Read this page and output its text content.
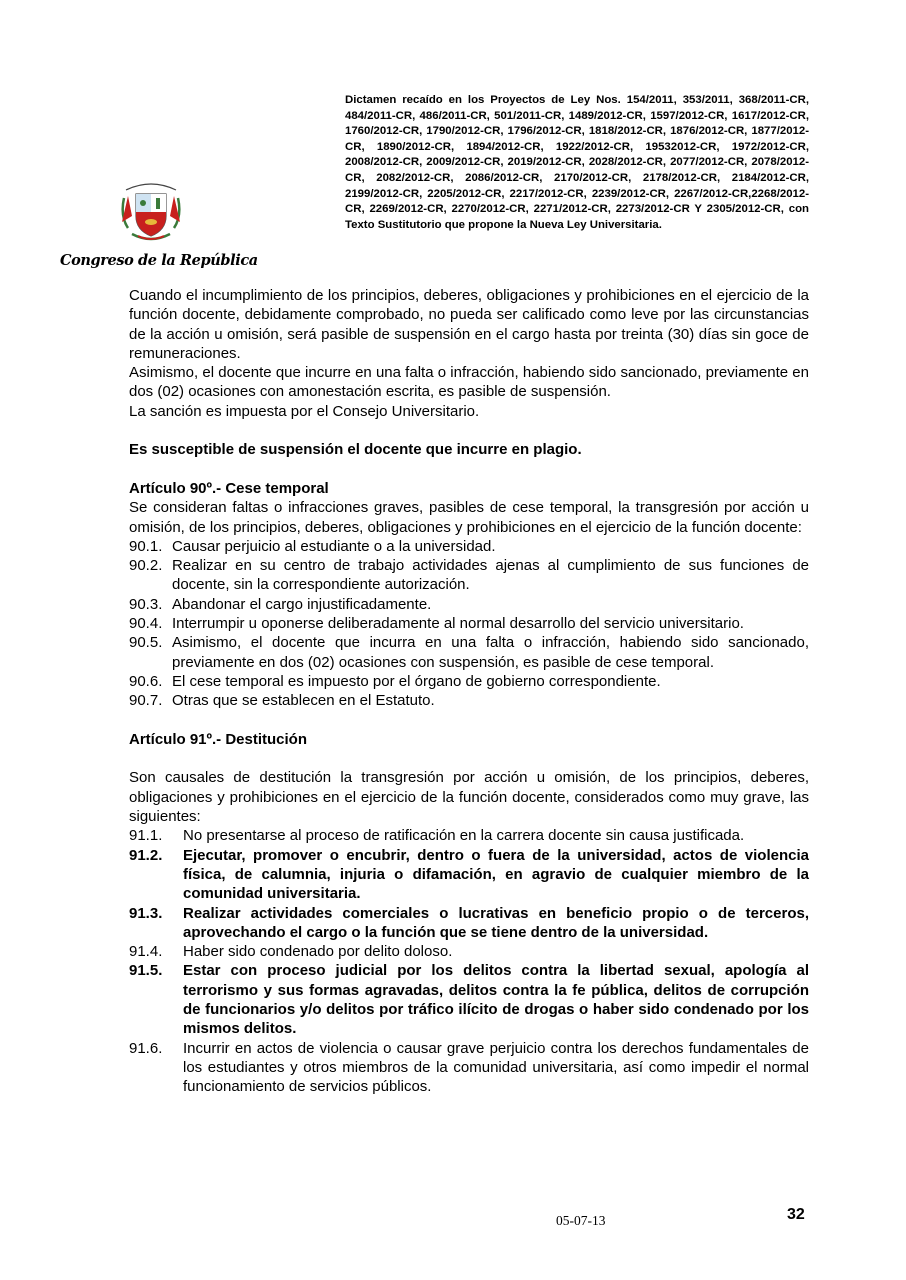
Congreso de la República
Dictamen recaído en los Proyectos de Ley Nos. 154/2011, 353/2011, 368/2011-CR, 484/2011-CR, 486/2011-CR, 501/2011-CR, 1489/2012-CR, 1597/2012-CR, 1617/2012-CR, 1760/2012-CR, 1790/2012-CR, 1796/2012-CR, 1818/2012-CR, 1876/2012-CR, 1877/2012-CR, 1890/2012-CR, 1894/2012-CR, 1922/2012-CR, 19532012-CR, 1972/2012-CR, 2008/2012-CR, 2009/2012-CR, 2019/2012-CR, 2028/2012-CR, 2077/2012-CR, 2078/2012-CR, 2082/2012-CR, 2086/2012-CR, 2170/2012-CR, 2178/2012-CR, 2184/2012-CR, 2199/2012-CR, 2205/2012-CR, 2217/2012-CR, 2239/2012-CR, 2267/2012-CR,2268/2012-CR, 2269/2012-CR, 2270/2012-CR, 2271/2012-CR, 2273/2012-CR Y 2305/2012-CR, con Texto Sustitutorio que propone la Nueva Ley Universitaria.

Cuando el incumplimiento de los principios, deberes, obligaciones y prohibiciones en el ejercicio de la función docente, debidamente comprobado, no pueda ser calificado como leve por las circunstancias de la acción u omisión, será pasible de suspensión en el cargo hasta por treinta (30) días sin goce de remuneraciones.

Asimismo, el docente que incurre en una falta o infracción, habiendo sido sancionado, previamente en dos (02) ocasiones con amonestación escrita, es pasible de suspensión.

La sanción es impuesta por el Consejo Universitario.

Es susceptible de suspensión el docente que incurre en plagio.

Artículo 90º.- Cese temporal

Se consideran faltas o infracciones graves, pasibles de cese temporal, la transgresión por acción u omisión, de los principios, deberes, obligaciones y prohibiciones en el ejercicio de la función docente:

90.1. Causar perjuicio al estudiante o a la universidad.
90.2. Realizar en su centro de trabajo actividades ajenas al cumplimiento de sus funciones de docente, sin la correspondiente autorización.
90.3. Abandonar el cargo injustificadamente.
90.4. Interrumpir u oponerse deliberadamente al normal desarrollo del servicio universitario.
90.5. Asimismo, el docente que incurra en una falta o infracción, habiendo sido sancionado, previamente en dos (02) ocasiones con suspensión, es pasible de cese temporal.
90.6. El cese temporal es impuesto por el órgano de gobierno correspondiente.
90.7. Otras que se establecen en el Estatuto.

Artículo 91º.- Destitución

Son causales de destitución la transgresión por acción u omisión, de los principios, deberes, obligaciones y prohibiciones en el ejercicio de la función docente, considerados como muy grave, las siguientes:

91.1.	No presentarse al proceso de ratificación en la carrera docente sin causa justificada.
91.2.	Ejecutar, promover o encubrir, dentro o fuera de la universidad, actos de violencia física, de calumnia, injuria o difamación, en agravio de cualquier miembro de la comunidad universitaria.
91.3.	Realizar actividades comerciales o lucrativas en beneficio propio o de terceros, aprovechando el cargo o la función que se tiene dentro de la universidad.
91.4.	Haber sido condenado por delito doloso.
91.5.	Estar con proceso judicial por los delitos contra la libertad sexual, apología al terrorismo y sus formas agravadas, delitos contra la fe pública, delitos de corrupción de funcionarios y/o delitos por tráfico ilícito de drogas o haber sido condenado por los mismos delitos.
91.6.	Incurrir en actos de violencia o causar grave perjuicio contra los derechos fundamentales de los estudiantes y otros miembros de la comunidad universitaria, así como impedir el normal funcionamiento de servicios públicos.
05-07-13	32
